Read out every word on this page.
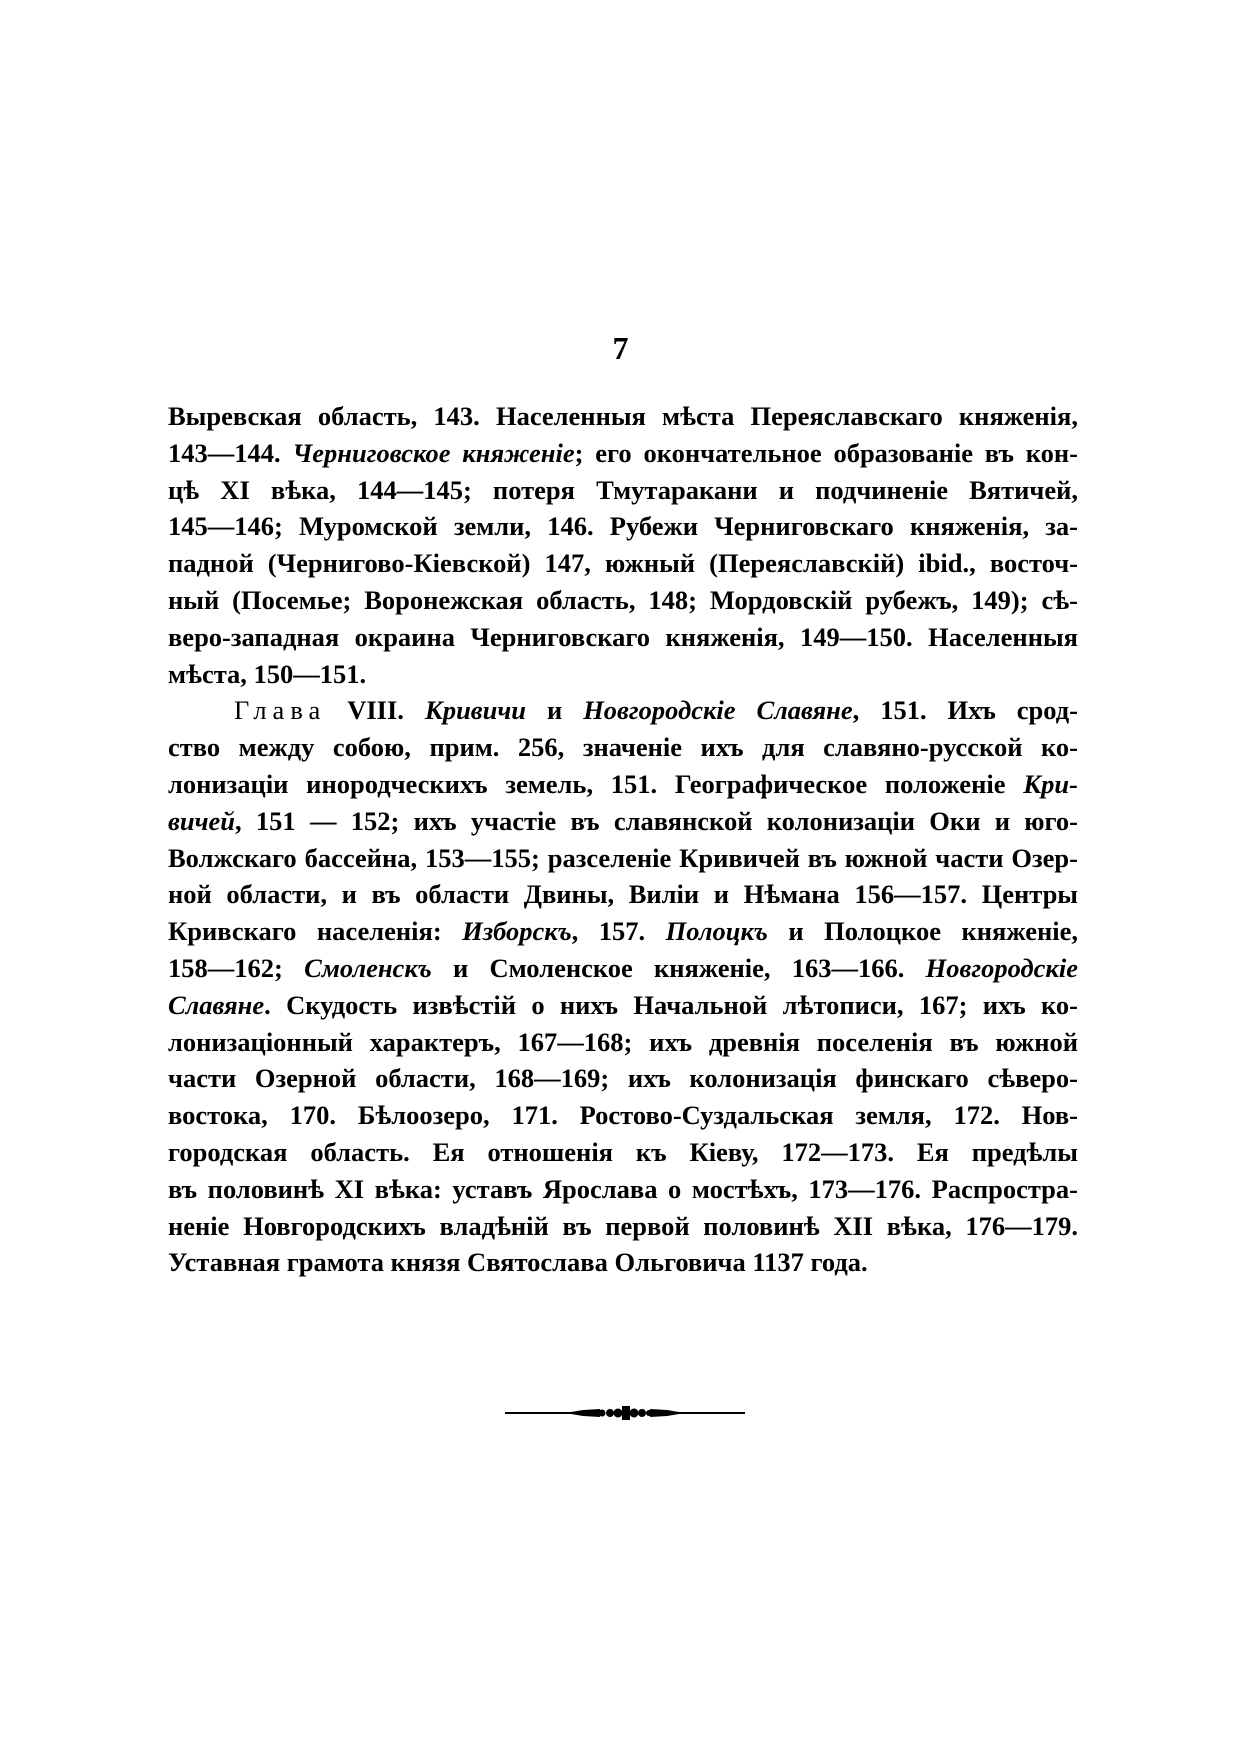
7
Выревская область, 143. Населенныя мѣста Переяславскаго княженія,
143—144. Черниговское княженіе; его окончательное образованіе въ кон-
цѣ XI вѣка, 144—145; потеря Тмутаракани и подчиненіе Вятичей,
145—146; Муромской земли, 146. Рубежи Черниговскаго княженія, за-
падной (Черниговo-Кіевской) 147, южный (Переяславскій) ibid., восточ-
ный (Посемье; Воронежская область, 148; Мордовскій рубежъ, 149); сѣ-
веро-западная окраина Черниговскаго княженія, 149—150. Населенныя
мѣста, 150—151.
Глава VIII. Кривичи и Новгородскіе Славяне, 151. Ихъ срод-
ство между собою, прим. 256, значеніе ихъ для славяно-русской ко-
лонизаціи инородческихъ земель, 151. Географическое положеніе Кри-
вичей, 151 — 152; ихъ участіе въ славянской колонизаціи Оки и юго-
Волжскаго бассейна, 153—155; разселеніе Кривичей въ южной части Озер-
ной области, и въ области Двины, Виліи и Нѣмана 156—157. Центры
Кривскаго населенія: Изборскъ, 157. Полоцкъ и Полоцкое княженіе,
158—162; Смоленскъ и Смоленское княженіе, 163—166. Новгородскіе
Славяне. Скудость извѣстій о нихъ Начальной лѣтописи, 167; ихъ ко-
лонизаціонный характеръ, 167—168; ихъ древнія поселенія въ южной
части Озерной области, 168—169; ихъ колонизація финскаго сѣверо-
востока, 170. Бѣлоозеро, 171. Ростово-Суздальская земля, 172. Нов-
городская область. Ея отношенія къ Кіеву, 172—173. Ея предѣлы
въ половинѣ XI вѣка: уставъ Ярослава о мостѣхъ, 173—176. Распростра-
неніе Новгородскихъ владѣній въ первой половинѣ XII вѣка, 176—179.
Уставная грамота князя Святослава Ольговича 1137 года.
